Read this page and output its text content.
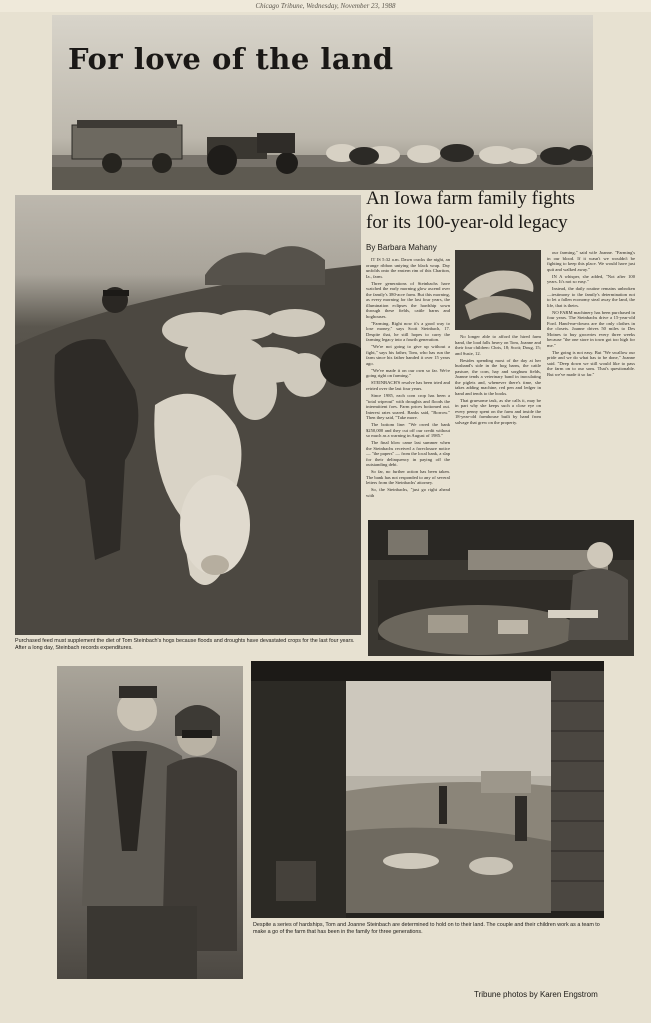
Chicago Tribune, Wednesday, November 23, 1988
For love of the land
Purchased feed must supplement the diet of Tom Steinbach's hogs because floods and droughts have devastated crops for the last four years. After a long day, Steinbach records expenditures.
An Iowa farm family fights
for its 100-year-old legacy
By Barbara Mahany

IT IS 5:32 a.m. Dawn cracks the night, an orange ribbon untying the black wrap. Day unfolds onto the eastern rim of this Chariton, Ia., farm.

Three generations of Steinbachs have watched the early morning glow ascend over the family's 380-acre farm. But this morning, as every morning for the last four years, the illumination eclipses the hardship sown through these fields, cattle barns and hoghouses.

"Farming. Right now it's a good way to lose money," says Scott Steinbach, 17. Despite that, he still hopes to carry the farming legacy into a fourth generation.

"We're not going to give up without a fight," says his father, Tom, who has run the farm since his father handed it over 15 years ago.

"We've made it on our own so far. We're going right on farming."

STEINBACH'S resolve has been tried and retried over the last four years.

Since 1985, each corn crop has been a "total wipeout" with droughts and floods the intermittent foes. Farm prices bottomed out. Interest rates soared. Banks said, "Borrow." Then they said, "Take more.

The bottom line: "We owed the bank $250,000 and they cut off our credit without so much as a warning in August of 1985."

The final blow came last summer when the Steinbachs received a foreclosure notice — "the papers" — from the local bank, a slap for their delinquency in paying off the outstanding debt.

So far, no further action has been taken. The bank has not responded to any of several letters from the Steinbachs' attorney.

So, the Steinbachs, "just go right ahead with

No longer able to afford the hired farm hand, the load falls heavy on Tom, Joanne and their four children: Chris, 18; Scott; Doug, 15; and Susie, 12.

Besides spending most of the day at her husband's side in the hog barns, the cattle pasture, the corn, hay and sorghum fields, Joanne tends a veterinary band in inoculating the piglets and, whenever there's time, she takes adding machine, red pen and ledger in hand and tends to the books.

That gruesome task, as she calls it, may be in part why she keeps such a close eye on every penny spent on the farm and inside the 18-year-old farmhouse built by hand from salvage that grew on the property.

our farming," said wife Joanne. "Farming's in our blood. If it wasn't we wouldn't be fighting to keep this place. We would have just quit and walked away."

IN A whisper, she added, "Not after 100 years. It's not so easy."

Instead, the daily routine remains unbroken—testimony to the family's determination not to let a fallen economy steal away the land, the life, that is theirs.

NO FARM machinery has been purchased in four years. The Steinbachs drive a 15-year-old Ford. Hand-me-downs are the only clothes in the closets. Joanne drives 50 miles to Des Moines to buy groceries every three weeks because "the one store in town got too high for me."

The going is not easy. But "We swallow our pride and we do what has to be done," Joanne said. "Deep down we still would like to pass the farm on to our sons. That's questionable. But we've made it so far."

Despite a series of hardships, Tom and Joanne Steinbach are determined to hold on to their land. The couple and their children work as a team to make a go of the farm that has been in the family for three generations.
Tribune photos by Karen Engstrom
